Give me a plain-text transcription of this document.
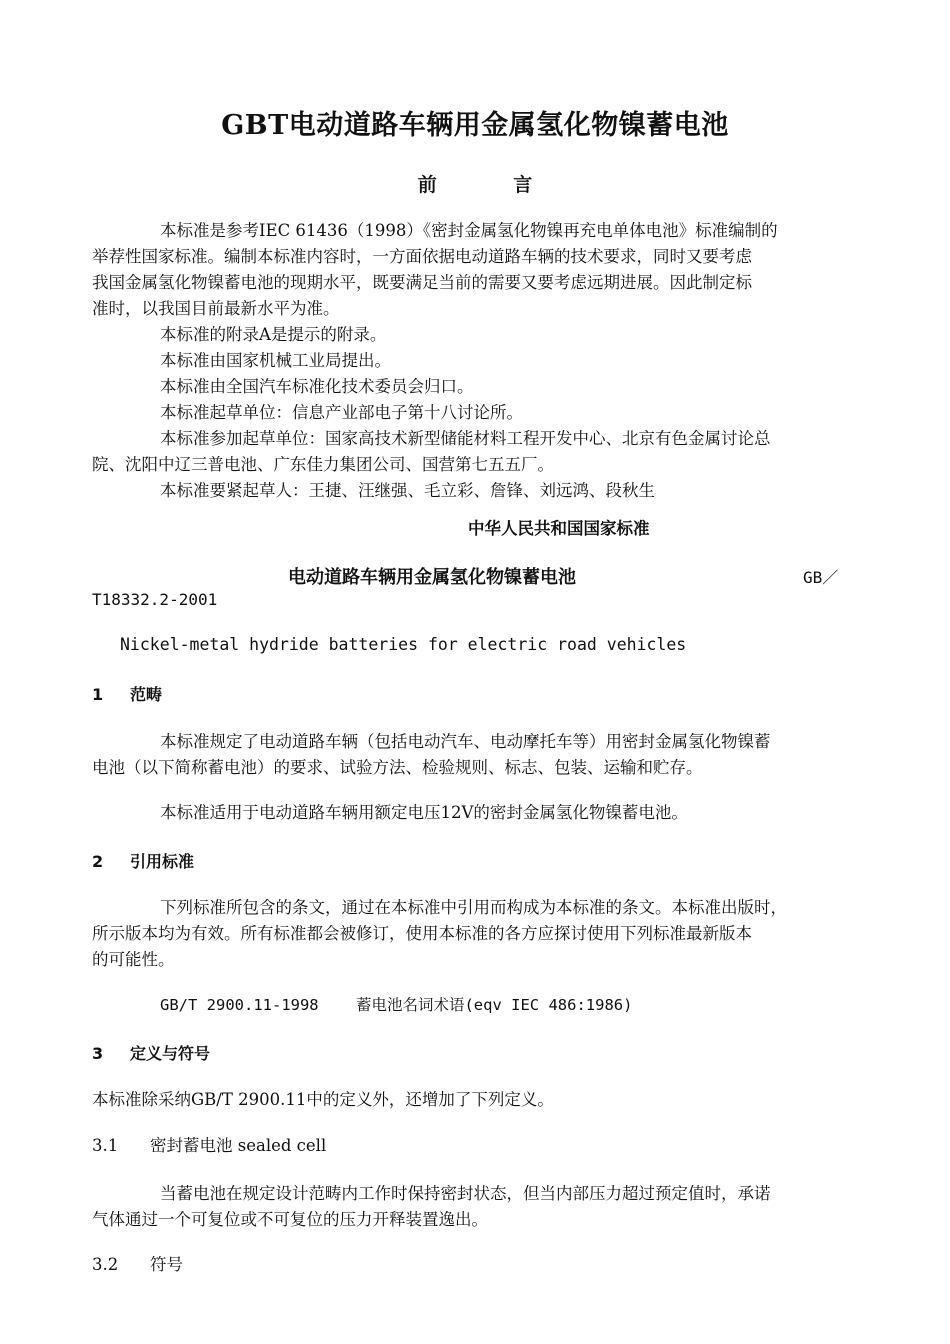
GBT电动道路车辆用金属氢化物镍蓄电池
前 言
本标准是参考IEC 61436（1998）《密封金属氢化物镍再充电单体电池》标准编制的
举荐性国家标准。编制本标准内容时，一方面依据电动道路车辆的技术要求，同时又要考虑
我国金属氢化物镍蓄电池的现期水平，既要满足当前的需要又要考虑远期进展。因此制定标
准时，以我国目前最新水平为准。
本标准的附录A是提示的附录。
本标准由国家机械工业局提出。
本标准由全国汽车标准化技术委员会归口。
本标准起草单位：信息产业部电子第十八讨论所。
本标准参加起草单位：国家高技术新型储能材料工程开发中心、北京有色金属讨论总
院、沈阳中辽三普电池、广东佳力集团公司、国营第七五五厂。
本标准要紧起草人：王捷、汪继强、毛立彩、詹锋、刘远鸿、段秋生
中华人民共和国国家标准
电动道路车辆用金属氢化物镍蓄电池	GB／
T18332.2-2001
Nickel-metal hydride batteries for electric road vehicles
1 范畴
本标准规定了电动道路车辆（包括电动汽车、电动摩托车等）用密封金属氢化物镍蓄
电池（以下简称蓄电池）的要求、试验方法、检验规则、标志、包装、运输和贮存。
本标准适用于电动道路车辆用额定电压12V的密封金属氢化物镍蓄电池。
2 引用标准
下列标准所包含的条文，通过在本标准中引用而构成为本标准的条文。本标准出版时，
所示版本均为有效。所有标准都会被修订，使用本标准的各方应探讨使用下列标准最新版本
的可能性。
GB/T 2900.11-1998    蓄电池名词术语(eqv IEC 486:1986)
3 定义与符号
本标准除采纳GB/T 2900.11中的定义外，还增加了下列定义。
3.1 密封蓄电池 sealed cell
当蓄电池在规定设计范畴内工作时保持密封状态，但当内部压力超过预定值时，承诺
气体通过一个可复位或不可复位的压力开释装置逸出。
3.2 符号
